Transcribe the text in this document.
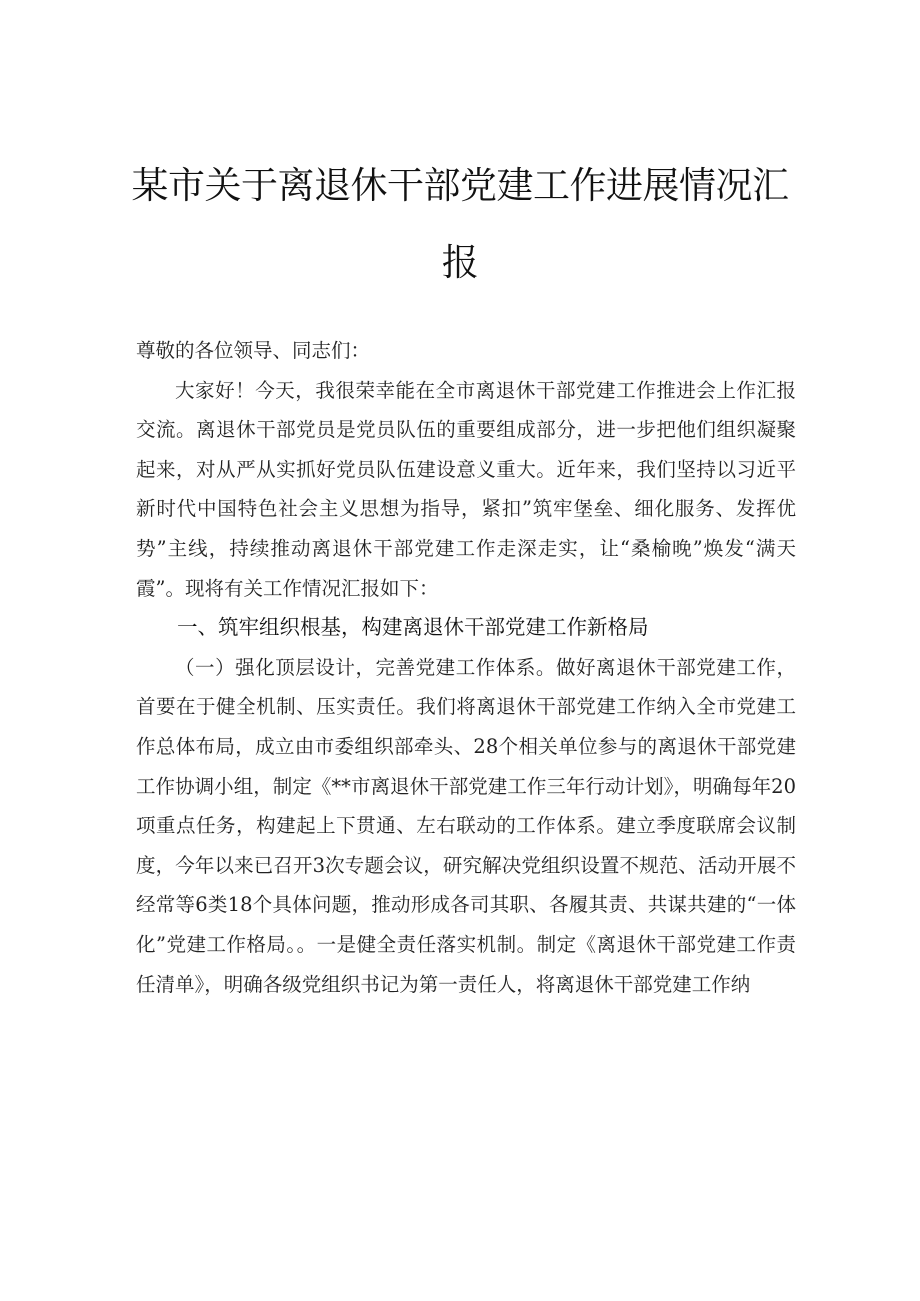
某市关于离退休干部党建工作进展情况汇
报

尊敬的各位领导、同志们：

大家好！今天，我很荣幸能在全市离退休干部党建工作推进会上作汇报交流。离退休干部党员是党员队伍的重要组成部分，进一步把他们组织凝聚起来，对从严从实抓好党员队伍建设意义重大。近年来，我们坚持以习近平新时代中国特色社会主义思想为指导，紧扣”筑牢堡垒、细化服务、发挥优势”主线，持续推动离退休干部党建工作走深走实，让“桑榆晚”焕发“满天霞”。现将有关工作情况汇报如下：

一、筑牢组织根基，构建离退休干部党建工作新格局

（一）强化顶层设计，完善党建工作体系。做好离退休干部党建工作，首要在于健全机制、压实责任。我们将离退休干部党建工作纳入全市党建工作总体布局，成立由市委组织部牵头、28个相关单位参与的离退休干部党建工作协调小组，制定《**市离退休干部党建工作三年行动计划》，明确每年20项重点任务，构建起上下贯通、左右联动的工作体系。建立季度联席会议制度，今年以来已召开3次专题会议，研究解决党组织设置不规范、活动开展不经常等6类18个具体问题，推动形成各司其职、各履其责、共谋共建的“一体化”党建工作格局。。一是健全责任落实机制。制定《离退休干部党建工作责任清单》，明确各级党组织书记为第一责任人，将离退休干部党建工作纳
